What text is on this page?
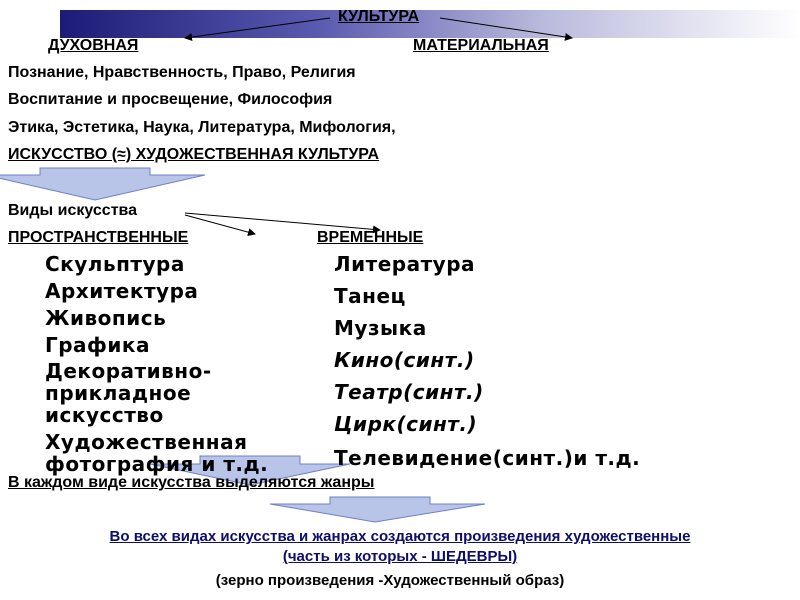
КУЛЬТУРА
ДУХОВНАЯ	МАТЕРИАЛЬНАЯ
Познание, Нравственность, Право, Религия
Воспитание и просвещение, Философия
Этика, Эстетика, Наука, Литература, Мифология,
ИСКУССТВО (≈) ХУДОЖЕСТВЕННАЯ КУЛЬТУРА
Виды искусства
ПРОСТРАНСТВЕННЫЕ	ВРЕМЕННЫЕ
Скульптура
Архитектура
Живопись
Графика
Декоративно-
прикладное
искусство
Художественная
фотография и т.д.
Литература
Танец
Музыка
Кино(синт.)
Театр(синт.)
Цирк(синт.)
Телевидение(синт.)и т.д.
В каждом виде искусства выделяются жанры
Во всех видах искусства и жанрах создаются произведения художественные
(часть из которых - ШЕДЕВРЫ)
(зерно произведения -Художественный образ)
